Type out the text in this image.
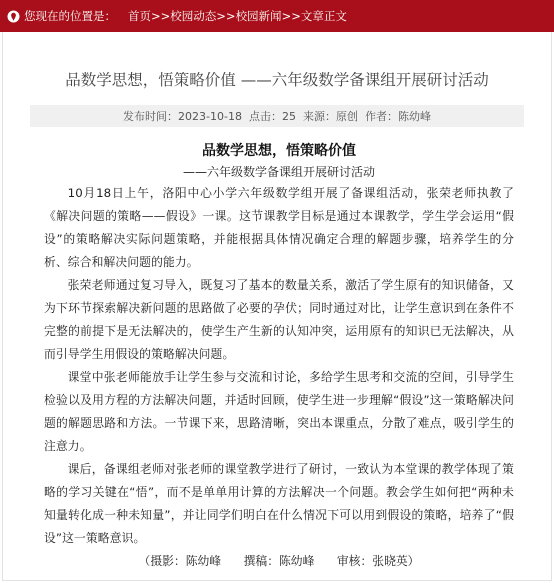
您现在的位置是： 首页 >> 校园动态 >> 校园新闻 >> 文章正文
品数学思想，悟策略价值 ——六年级数学备课组开展研讨活动
发布时间： 2023-10-18
点击： 25
来源： 原创
作者： 陈幼峰
品数学思想，悟策略价值
——六年级数学备课组开展研讨活动

10月18日上午，洛阳中心小学六年级数学组开展了备课组活动，张荣老师执教了《解决问题的策略——假设》一课。这节课教学目标是通过本课教学，学生学会运用“假设”的策略解决实际问题策略，并能根据具体情况确定合理的解题步骤，培养学生的分析、综合和解决问题的能力。

张荣老师通过复习导入，既复习了基本的数量关系，激活了学生原有的知识储备，又为下环节探索解决新问题的思路做了必要的孕伏；同时通过对比，让学生意识到在条件不完整的前提下是无法解决的，使学生产生新的认知冲突，运用原有的知识已无法解决，从而引导学生用假设的策略解决问题。

课堂中张老师能放手让学生参与交流和讨论，多给学生思考和交流的空间，引导学生检验以及用方程的方法解决问题，并适时回顾，使学生进一步理解“假设”这一策略解决问题的解题思路和方法。一节课下来，思路清晰，突出本课重点，分散了难点，吸引学生的注意力。

课后，备课组老师对张老师的课堂教学进行了研讨，一致认为本堂课的教学体现了策略的学习关键在“悟”，而不是单单用计算的方法解决一个问题。教会学生如何把“两种未知量转化成一种未知量”，并让同学们明白在什么情况下可以用到假设的策略，培养了“假设”这一策略意识。

（摄影：陈幼峰      撰稿：陈幼峰      审核：张晓英）
